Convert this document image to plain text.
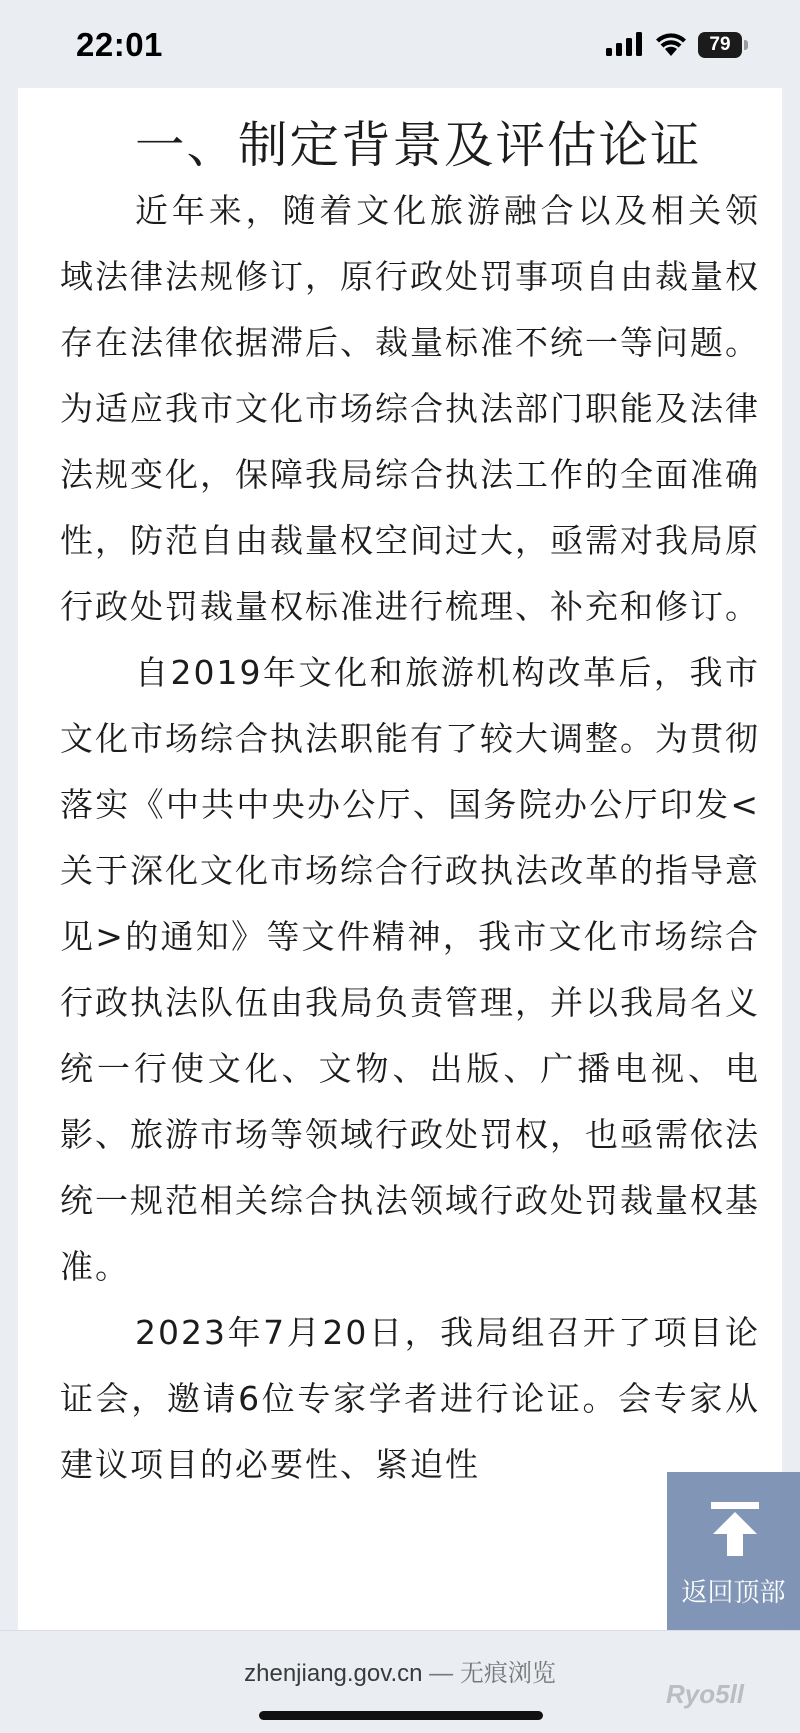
22:01	79
一、制定背景及评估论证

近年来，随着文化旅游融合以及相关领域法律法规修订，原行政处罚事项自由裁量权存在法律依据滞后、裁量标准不统一等问题。为适应我市文化市场综合执法部门职能及法律法规变化，保障我局综合执法工作的全面准确性，防范自由裁量权空间过大，亟需对我局原行政处罚裁量权标准进行梳理、补充和修订。

自2019年文化和旅游机构改革后，我市文化市场综合执法职能有了较大调整。为贯彻落实《中共中央办公厅、国务院办公厅印发<关于深化文化市场综合行政执法改革的指导意见>的通知》等文件精神，我市文化市场综合行政执法队伍由我局负责管理，并以我局名义统一行使文化、文物、出版、广播电视、电影、旅游市场等领域行政处罚权，也亟需依法统一规范相关综合执法领域行政处罚裁量权基准。

2023年7月20日，我局组召开了项目论证会，邀请6位专家学者进行论证。会专家从建议项目的必要性、紧迫性

返回顶部
zhenjiang.gov.cn — 无痕浏览
Ryo5ll
